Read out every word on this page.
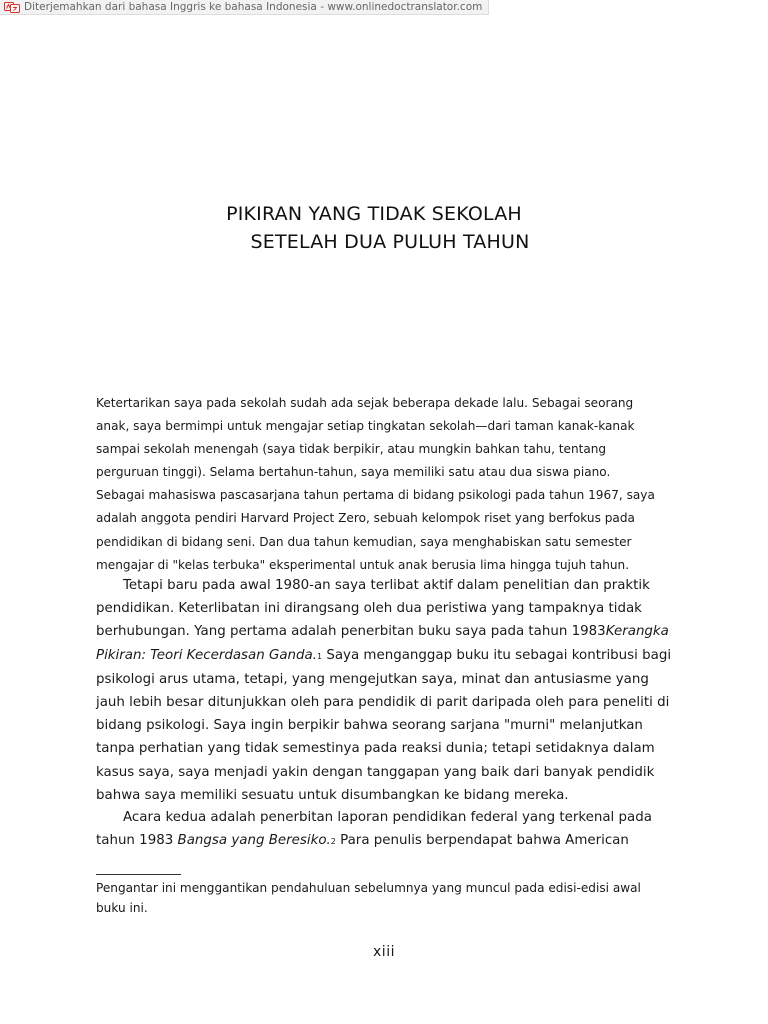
Diterjemahkan dari bahasa Inggris ke bahasa Indonesia - www.onlinedoctranslator.com
PIKIRAN YANG TIDAK SEKOLAH
SETELAH DUA PULUH TAHUN

Ketertarikan saya pada sekolah sudah ada sejak beberapa dekade lalu. Sebagai seorang
anak, saya bermimpi untuk mengajar setiap tingkatan sekolah—dari taman kanak-kanak
sampai sekolah menengah (saya tidak berpikir, atau mungkin bahkan tahu, tentang
perguruan tinggi). Selama bertahun-tahun, saya memiliki satu atau dua siswa piano.
Sebagai mahasiswa pascasarjana tahun pertama di bidang psikologi pada tahun 1967, saya
adalah anggota pendiri Harvard Project Zero, sebuah kelompok riset yang berfokus pada
pendidikan di bidang seni. Dan dua tahun kemudian, saya menghabiskan satu semester
mengajar di "kelas terbuka" eksperimental untuk anak berusia lima hingga tujuh tahun.

Tetapi baru pada awal 1980-an saya terlibat aktif dalam penelitian dan praktik
pendidikan. Keterlibatan ini dirangsang oleh dua peristiwa yang tampaknya tidak
berhubungan. Yang pertama adalah penerbitan buku saya pada tahun 1983Kerangka
Pikiran: Teori Kecerdasan Ganda.1 Saya menganggap buku itu sebagai kontribusi bagi
psikologi arus utama, tetapi, yang mengejutkan saya, minat dan antusiasme yang
jauh lebih besar ditunjukkan oleh para pendidik di parit daripada oleh para peneliti di
bidang psikologi. Saya ingin berpikir bahwa seorang sarjana "murni" melanjutkan
tanpa perhatian yang tidak semestinya pada reaksi dunia; tetapi setidaknya dalam
kasus saya, saya menjadi yakin dengan tanggapan yang baik dari banyak pendidik
bahwa saya memiliki sesuatu untuk disumbangkan ke bidang mereka.

Acara kedua adalah penerbitan laporan pendidikan federal yang terkenal pada
tahun 1983 Bangsa yang Beresiko.2 Para penulis berpendapat bahwa American

Pengantar ini menggantikan pendahuluan sebelumnya yang muncul pada edisi-edisi awal
buku ini.

xiii
